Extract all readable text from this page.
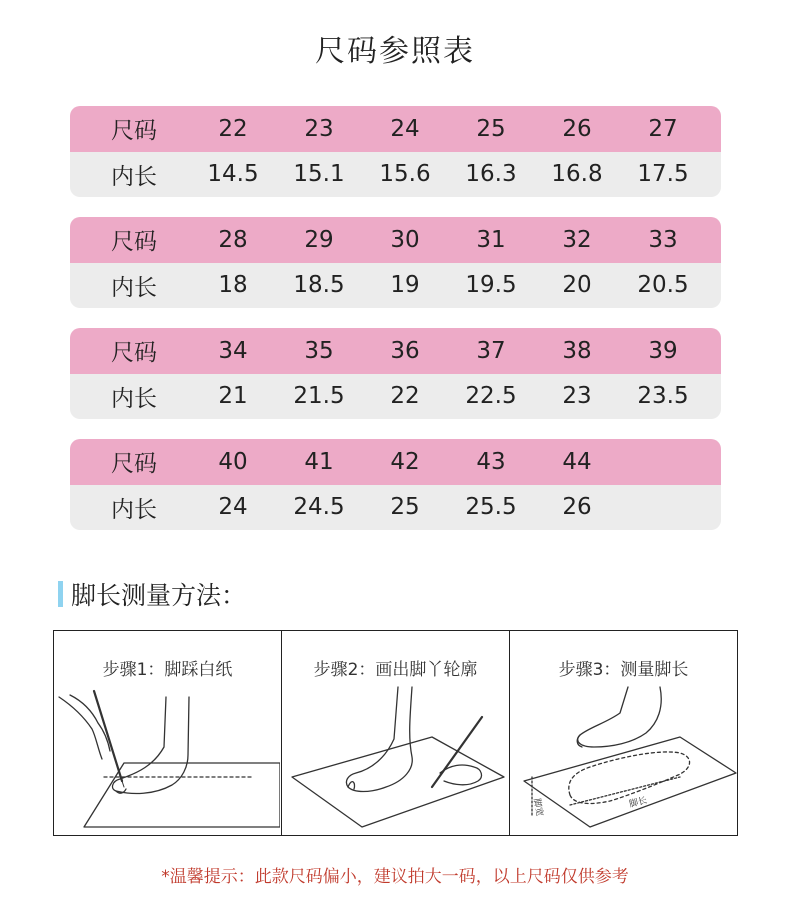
尺码参照表
尺码	22	23	24	25	26	27
内长	14.5	15.1	15.6	16.3	16.8	17.5
尺码	28	29	30	31	32	33
内长	18	18.5	19	19.5	20	20.5
尺码	34	35	36	37	38	39
内长	21	21.5	22	22.5	23	23.5
尺码	40	41	42	43	44
内长	24	24.5	25	25.5	26
脚长测量方法：
步骤1：脚踩白纸	步骤2：画出脚丫轮廓	步骤3：测量脚长
脚宽	脚长
*温馨提示：此款尺码偏小，建议拍大一码，以上尺码仅供参考
